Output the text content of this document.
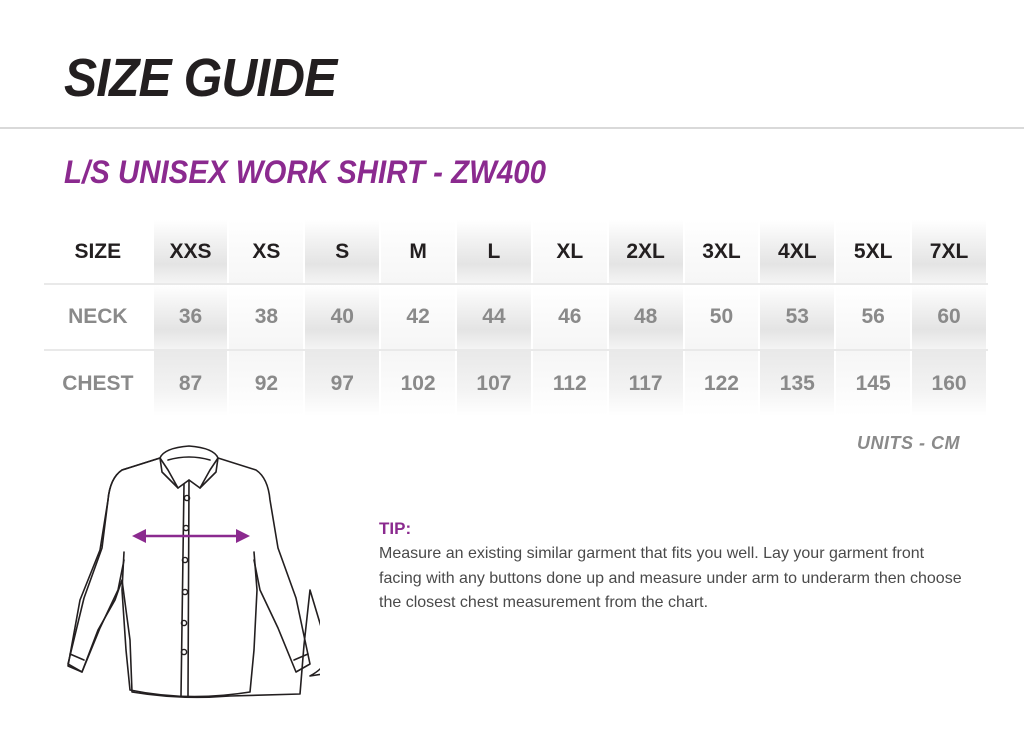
SIZE GUIDE
L/S UNISEX WORK SHIRT - ZW400
SIZE	XXS	XS	S	M	L	XL	2XL	3XL	4XL	5XL	7XL
NECK	36	38	40	42	44	46	48	50	53	56	60
CHEST	87	92	97	102	107	112	117	122	135	145	160
UNITS - CM
TIP:
Measure an existing similar garment that fits you well. Lay your garment front facing with any buttons done up and measure under arm to underarm then choose the closest chest measurement from the chart.
